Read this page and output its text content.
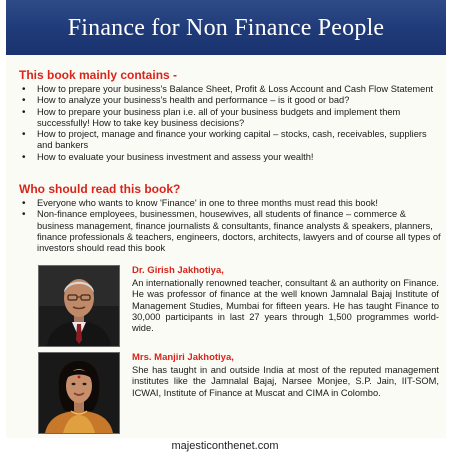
Finance for Non Finance People
This book mainly contains -
• How to prepare your business's Balance Sheet, Profit & Loss Account and Cash Flow Statement
• How to analyze your business's health and performance – is it good or bad?
• How to prepare your business plan i.e. all of your business budgets and implement them successfully! How to take key business decisions?
• How to project, manage and finance your working capital – stocks, cash, receivables, suppliers and bankers
• How to evaluate your business investment and assess your wealth!
Who should read this book?
• Everyone who wants to know 'Finance' in one to three months must read this book!
• Non-finance employees, businessmen, housewives, all students of finance – commerce & business management, finance journalists & consultants, finance analysts & speakers, planners, finance professionals & teachers, engineers, doctors, architects, lawyers and of course all types of investors should read this book
Dr. Girish Jakhotiya,
An internationally renowned teacher, consultant & an authority on Finance. He was professor of finance at the well known Jamnalal Bajaj Institute of Management Studies, Mumbai for fifteen years. He has taught Finance to 30,000 participants in last 27 years through 1,500 programmes world-wide.
Mrs. Manjiri Jakhotiya,
She has taught in and outside India at most of the reputed management institutes like the Jamnalal Bajaj, Narsee Monjee, S.P. Jain, IIT-SOM, ICWAI, Institute of Finance at Muscat and CIMA in Colombo.
majesticonthenet.com
